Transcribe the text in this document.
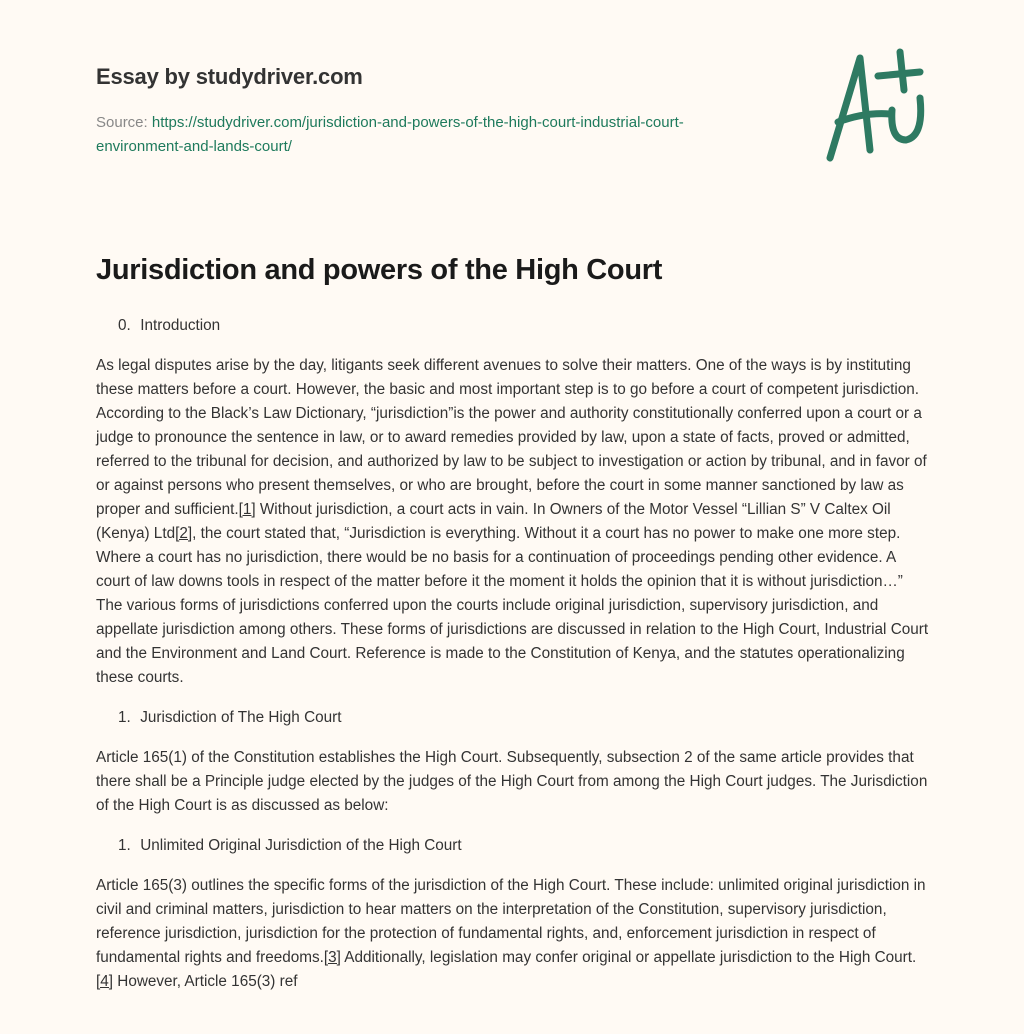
Essay by studydriver.com
Source: https://studydriver.com/jurisdiction-and-powers-of-the-high-court-industrial-court-environment-and-lands-court/
Jurisdiction and powers of the High Court
0. Introduction

As legal disputes arise by the day, litigants seek different avenues to solve their matters. One of the ways is by instituting these matters before a court. However, the basic and most important step is to go before a court of competent jurisdiction. According to the Black’s Law Dictionary, “jurisdiction”is the power and authority constitutionally conferred upon a court or a judge to pronounce the sentence in law, or to award remedies provided by law, upon a state of facts, proved or admitted, referred to the tribunal for decision, and authorized by law to be subject to investigation or action by tribunal, and in favor of or against persons who present themselves, or who are brought, before the court in some manner sanctioned by law as proper and sufficient.[1] Without jurisdiction, a court acts in vain. In Owners of the Motor Vessel “Lillian S” V Caltex Oil (Kenya) Ltd[2], the court stated that, “Jurisdiction is everything. Without it a court has no power to make one more step. Where a court has no jurisdiction, there would be no basis for a continuation of proceedings pending other evidence. A court of law downs tools in respect of the matter before it the moment it holds the opinion that it is without jurisdiction…” The various forms of jurisdictions conferred upon the courts include original jurisdiction, supervisory jurisdiction, and appellate jurisdiction among others. These forms of jurisdictions are discussed in relation to the High Court, Industrial Court and the Environment and Land Court. Reference is made to the Constitution of Kenya, and the statutes operationalizing these courts.

1. Jurisdiction of The High Court

Article 165(1) of the Constitution establishes the High Court. Subsequently, subsection 2 of the same article provides that there shall be a Principle judge elected by the judges of the High Court from among the High Court judges. The Jurisdiction of the High Court is as discussed as below:

1. Unlimited Original Jurisdiction of the High Court

Article 165(3) outlines the specific forms of the jurisdiction of the High Court. These include: unlimited original jurisdiction in civil and criminal matters, jurisdiction to hear matters on the interpretation of the Constitution, supervisory jurisdiction, reference jurisdiction, jurisdiction for the protection of fundamental rights, and, enforcement jurisdiction in respect of fundamental rights and freedoms.[3] Additionally, legislation may confer original or appellate jurisdiction to the High Court.[4] However, Article 165(3) ref
